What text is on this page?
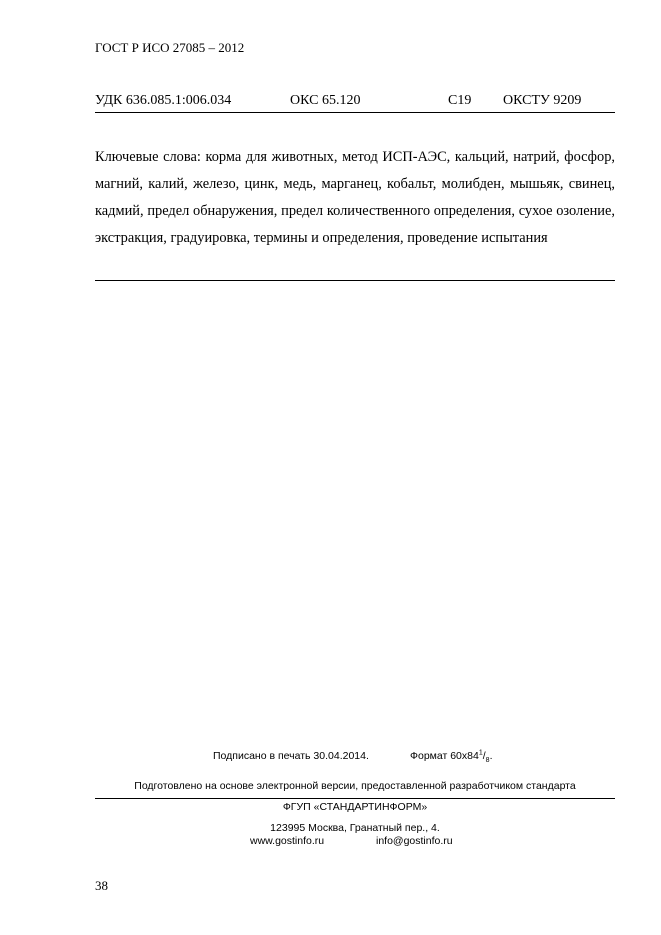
ГОСТ Р ИСО 27085 – 2012
УДК 636.085.1:006.034	ОКС 65.120	С19 ОКСТУ 9209
Ключевые слова: корма для животных, метод ИСП-АЭС, кальций, натрий, фосфор, магний, калий, железо, цинк, медь, марганец, кобальт, молибден, мышьяк, свинец, кадмий, предел обнаружения, предел количественного определения, сухое озоление, экстракция, градуировка, термины и определения, проведение испытания
Подписано в печать 30.04.2014.	Формат $60x84^1/_8$.
Подготовлено на основе электронной версии, предоставленной разработчиком стандарта
ФГУП «СТАНДАРТИНФОРМ»
123995 Москва, Гранатный пер., 4.
www.gostinfo.ru	info@gostinfo.ru
38
